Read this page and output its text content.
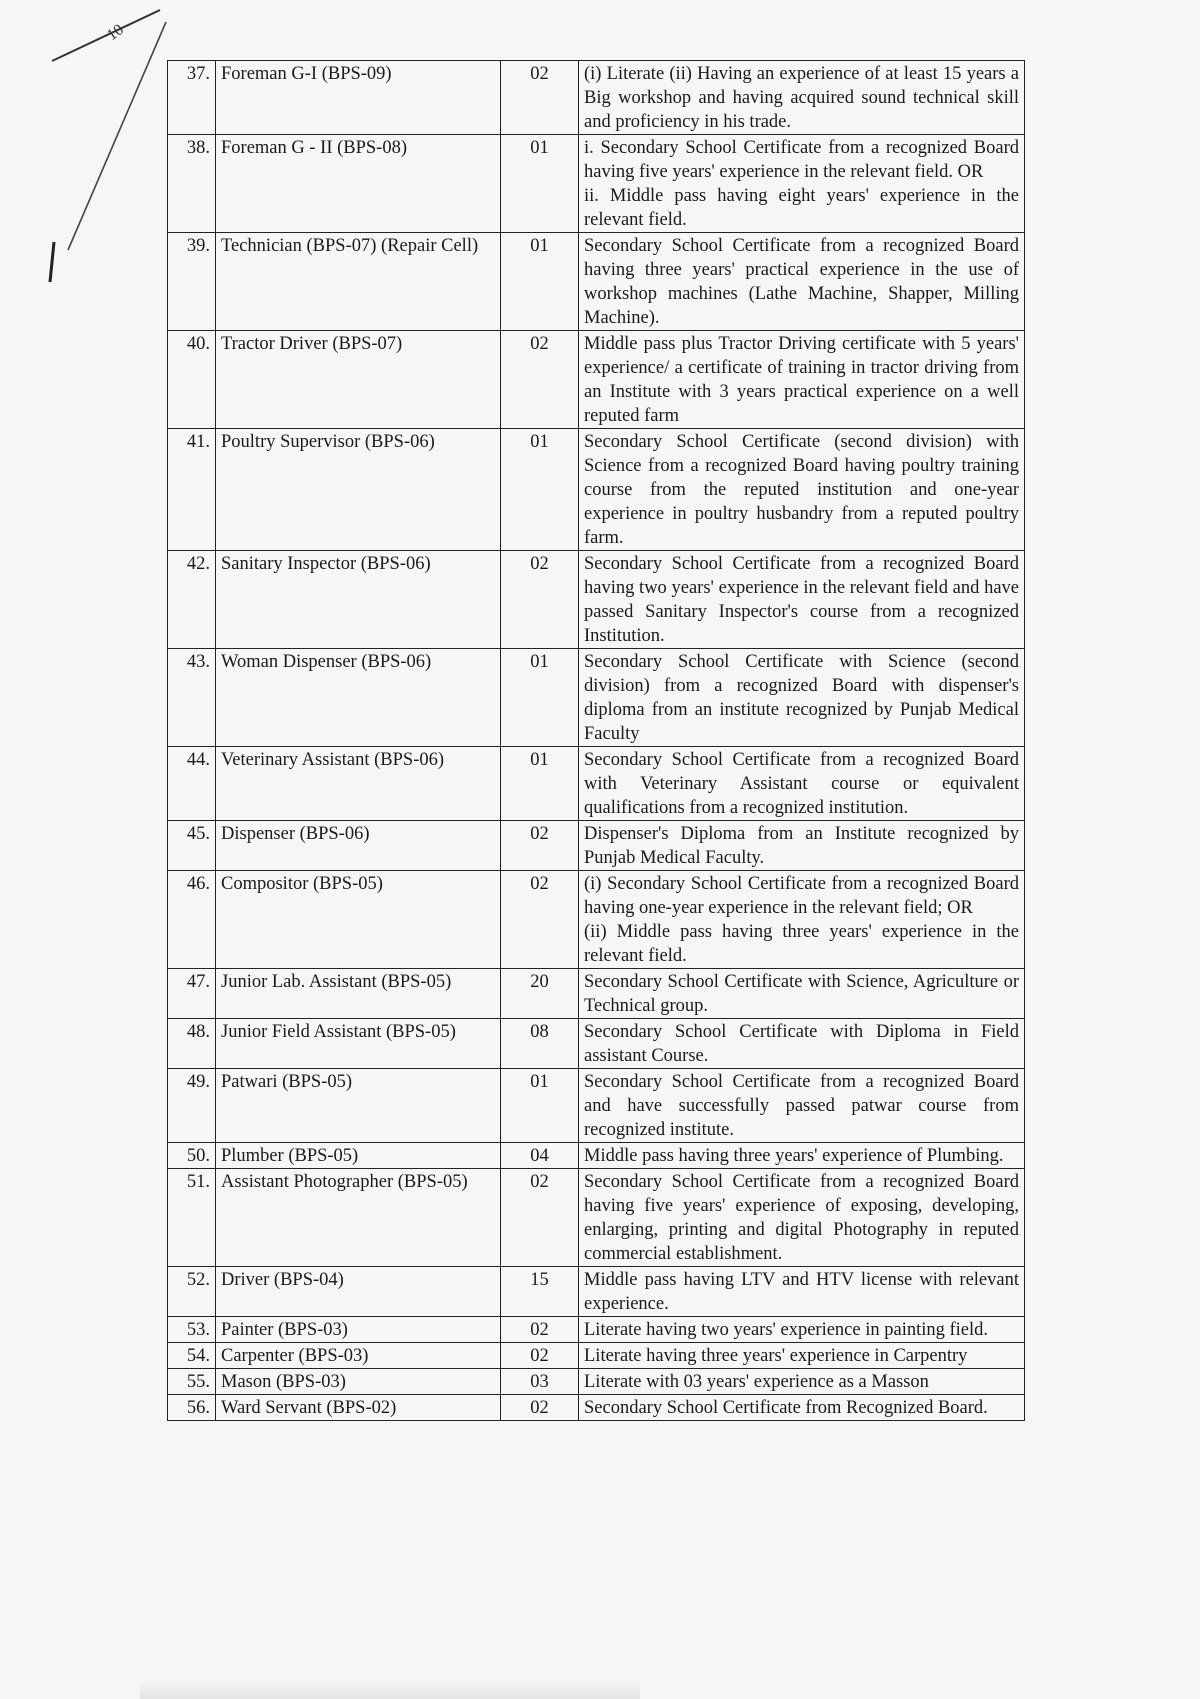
10
37.	Foreman G-I (BPS-09)	02	(i) Literate (ii) Having an experience of at least 15 years a Big workshop and having acquired sound technical skill and proficiency in his trade.

38.	Foreman G - II (BPS-08)	01	i. Secondary School Certificate from a recognized Board having five years' experience in the relevant field. OR
ii. Middle pass having eight years' experience in the relevant field.

39.	Technician (BPS-07) (Repair Cell)	01	Secondary School Certificate from a recognized Board having three years' practical experience in the use of workshop machines (Lathe Machine, Shapper, Milling Machine).

40.	Tractor Driver (BPS-07)	02	Middle pass plus Tractor Driving certificate with 5 years' experience/ a certificate of training in tractor driving from an Institute with 3 years practical experience on a well reputed farm

41.	Poultry Supervisor (BPS-06)	01	Secondary School Certificate (second division) with Science from a recognized Board having poultry training course from the reputed institution and one-year experience in poultry husbandry from a reputed poultry farm.

42.	Sanitary Inspector (BPS-06)	02	Secondary School Certificate from a recognized Board having two years' experience in the relevant field and have passed Sanitary Inspector's course from a recognized Institution.

43.	Woman Dispenser (BPS-06)	01	Secondary School Certificate with Science (second division) from a recognized Board with dispenser's diploma from an institute recognized by Punjab Medical Faculty

44.	Veterinary Assistant (BPS-06)	01	Secondary School Certificate from a recognized Board with Veterinary Assistant course or equivalent qualifications from a recognized institution.

45.	Dispenser (BPS-06)	02	Dispenser's Diploma from an Institute recognized by Punjab Medical Faculty.

46.	Compositor (BPS-05)	02	(i) Secondary School Certificate from a recognized Board having one-year experience in the relevant field; OR
(ii) Middle pass having three years' experience in the relevant field.

47.	Junior Lab. Assistant (BPS-05)	20	Secondary School Certificate with Science, Agriculture or Technical group.

48.	Junior Field Assistant (BPS-05)	08	Secondary School Certificate with Diploma in Field assistant Course.

49.	Patwari (BPS-05)	01	Secondary School Certificate from a recognized Board and have successfully passed patwar course from recognized institute.

50.	Plumber (BPS-05)	04	Middle pass having three years' experience of Plumbing.

51.	Assistant Photographer (BPS-05)	02	Secondary School Certificate from a recognized Board having five years' experience of exposing, developing, enlarging, printing and digital Photography in reputed commercial establishment.

52.	Driver (BPS-04)	15	Middle pass having LTV and HTV license with relevant experience.

53.	Painter (BPS-03)	02	Literate having two years' experience in painting field.

54.	Carpenter (BPS-03)	02	Literate having three years' experience in Carpentry

55.	Mason (BPS-03)	03	Literate with 03 years' experience as a Masson

56.	Ward Servant (BPS-02)	02	Secondary School Certificate from Recognized Board.
